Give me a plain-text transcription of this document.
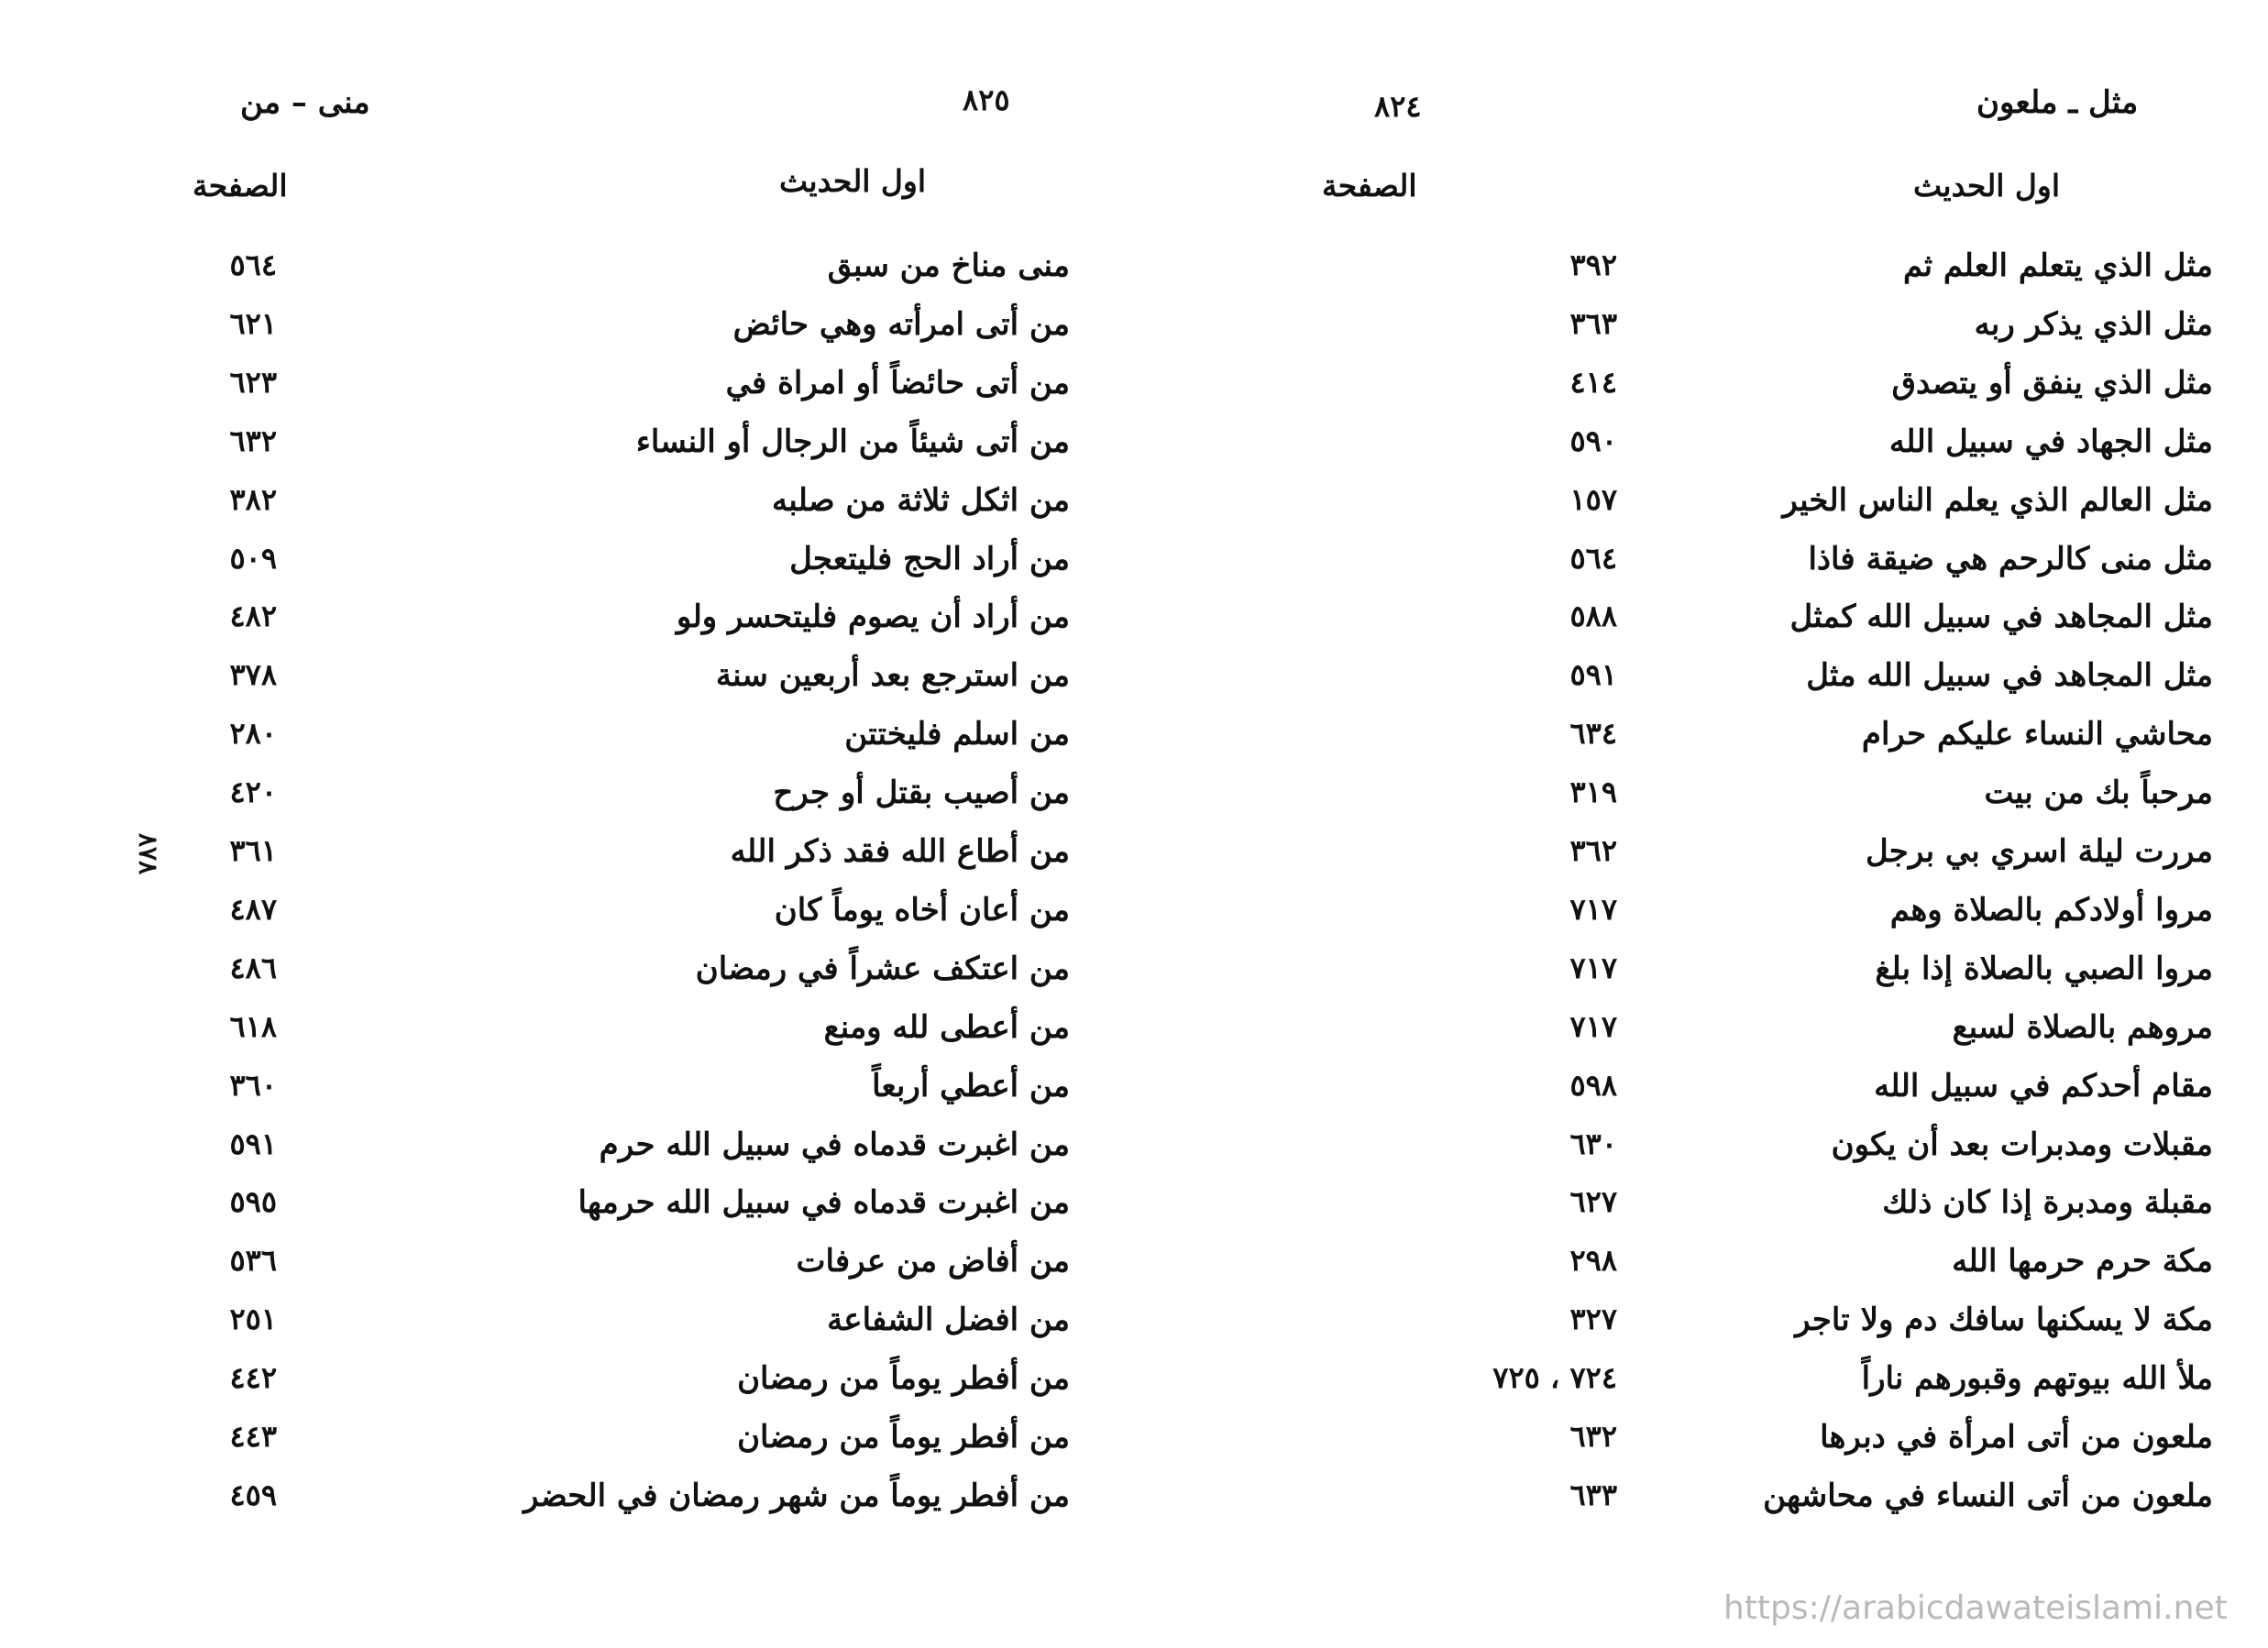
منى – من	٨٢٥
اول الحديث
الصفحة
منى مناخ من سبق
٥٦٤
من أتى امرأته وهي حائض
٦٢١
من أتى حائضاً أو امراة في
٦٢٣
من أتى شيئاً من الرجال أو النساء
٦٣٢
من اثكل ثلاثة من صلبه
٣٨٢
من أراد الحج فليتعجل
٥٠٩
من أراد أن يصوم فليتحسر ولو
٤٨٢
من استرجع بعد أربعين سنة
٣٧٨
من اسلم فليختتن
٢٨٠
من أصيب بقتل أو جرح
٤٢٠
من أطاع الله فقد ذكر الله
٣٦١
من أعان أخاه يوماً كان
٤٨٧
من اعتكف عشراً في رمضان
٤٨٦
من أعطى لله ومنع
٦١٨
من أعطي أربعاً
٣٦٠
من اغبرت قدماه في سبيل الله حرم
٥٩١
من اغبرت قدماه في سبيل الله حرمها
٥٩٥
من أفاض من عرفات
٥٣٦
من افضل الشفاعة
٢٥١
من أفطر يوماً من رمضان
٤٤٢
من أفطر يوماً من رمضان
٤٤٣
من أفطر يوماً من شهر رمضان في الحضر
٤٥٩
٧٨٧
مثل ـ ملعون
٨٢٤
اول الحديث
الصفحة
مثل الذي يتعلم العلم ثم
٣٩٢
مثل الذي يذكر ربه
٣٦٣
مثل الذي ينفق أو يتصدق
٤١٤
مثل الجهاد في سبيل الله
٥٩٠
مثل العالم الذي يعلم الناس الخير
١٥٧
مثل منى كالرحم هي ضيقة فاذا
٥٦٤
مثل المجاهد في سبيل الله كمثل
٥٨٨
مثل المجاهد في سبيل الله مثل
٥٩١
محاشي النساء عليكم حرام
٦٣٤
مرحباً بك من بيت
٣١٩
مررت ليلة اسري بي برجل
٣٦٢
مروا أولادكم بالصلاة وهم
٧١٧
مروا الصبي بالصلاة إذا بلغ
٧١٧
مروهم بالصلاة لسبع
٧١٧
مقام أحدكم في سبيل الله
٥٩٨
مقبلات ومدبرات بعد أن يكون
٦٣٠
مقبلة ومدبرة إذا كان ذلك
٦٢٧
مكة حرم حرمها الله
٢٩٨
مكة لا يسكنها سافك دم ولا تاجر
٣٢٧
ملأ الله بيوتهم وقبورهم ناراً
٧٢٤ ، ٧٢٥
ملعون من أتى امرأة في دبرها
٦٣٢
ملعون من أتى النساء في محاشهن
٦٣٣
https://arabicdawateislami.net
